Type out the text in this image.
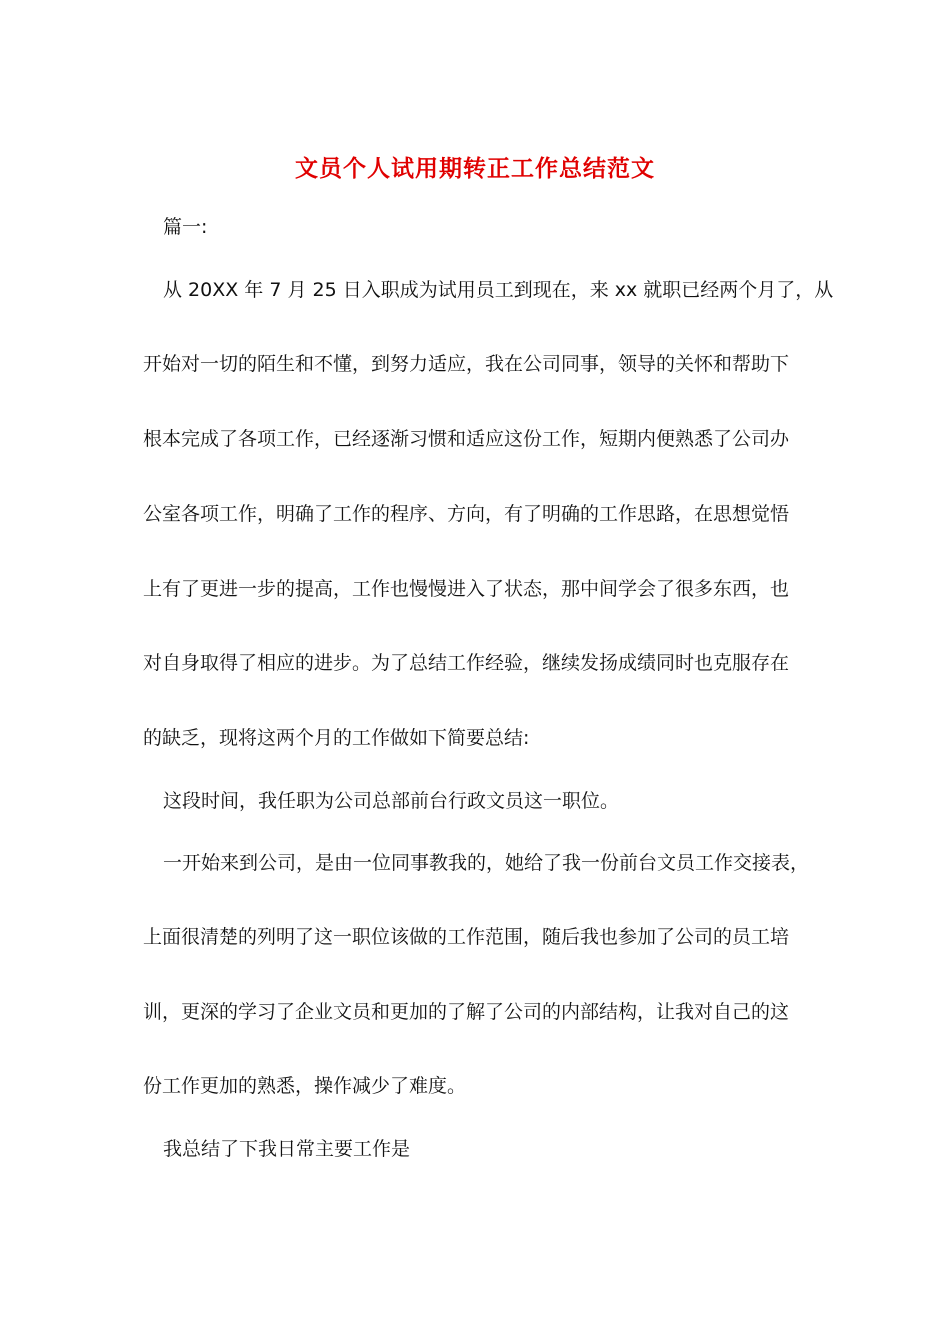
文员个人试用期转正工作总结范文
篇一:
从 20XX 年 7 月 25 日入职成为试用员工到现在，来 xx 就职已经两个月了，从
开始对一切的陌生和不懂，到努力适应，我在公司同事，领导的关怀和帮助下
根本完成了各项工作，已经逐渐习惯和适应这份工作，短期内便熟悉了公司办
公室各项工作，明确了工作的程序、方向，有了明确的工作思路，在思想觉悟
上有了更进一步的提高，工作也慢慢进入了状态，那中间学会了很多东西，也
对自身取得了相应的进步。为了总结工作经验，继续发扬成绩同时也克服存在
的缺乏，现将这两个月的工作做如下简要总结:
这段时间，我任职为公司总部前台行政文员这一职位。
一开始来到公司，是由一位同事教我的，她给了我一份前台文员工作交接表，
上面很清楚的列明了这一职位该做的工作范围，随后我也参加了公司的员工培
训，更深的学习了企业文员和更加的了解了公司的内部结构，让我对自己的这
份工作更加的熟悉，操作减少了难度。
我总结了下我日常主要工作是
